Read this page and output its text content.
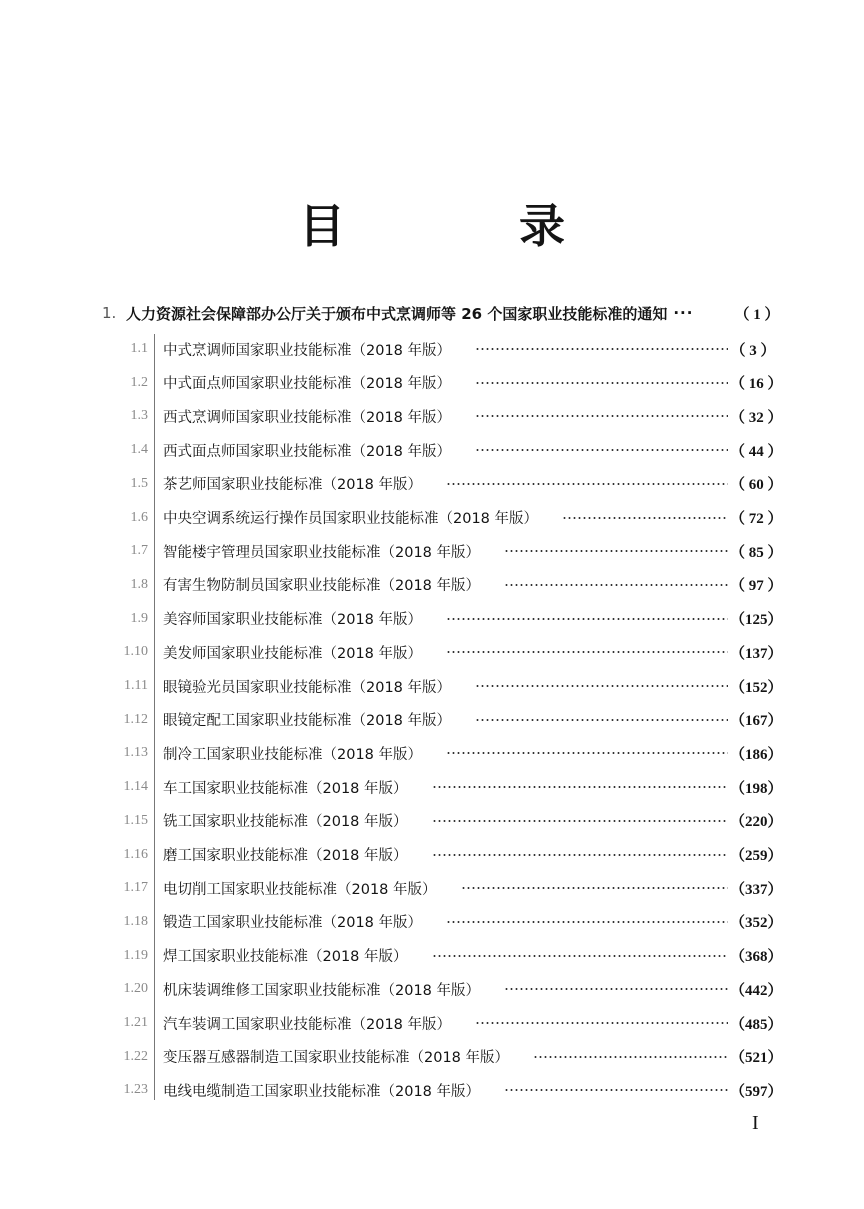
目　录
1. 人力资源社会保障部办公厅关于颁布中式烹调师等 26 个国家职业技能标准的通知 ···	（ 1 ）
1.1 中式烹调师国家职业技能标准（2018 年版）	（ 3 ）
1.2 中式面点师国家职业技能标准（2018 年版）	（ 16 ）
1.3 西式烹调师国家职业技能标准（2018 年版）	（ 32 ）
1.4 西式面点师国家职业技能标准（2018 年版）	（ 44 ）
1.5 茶艺师国家职业技能标准（2018 年版）	（ 60 ）
1.6 中央空调系统运行操作员国家职业技能标准（2018 年版）	（ 72 ）
1.7 智能楼宇管理员国家职业技能标准（2018 年版）	（ 85 ）
1.8 有害生物防制员国家职业技能标准（2018 年版）	（ 97 ）
1.9 美容师国家职业技能标准（2018 年版）	（125）
1.10 美发师国家职业技能标准（2018 年版）	（137）
1.11 眼镜验光员国家职业技能标准（2018 年版）	（152）
1.12 眼镜定配工国家职业技能标准（2018 年版）	（167）
1.13 制冷工国家职业技能标准（2018 年版）	（186）
1.14 车工国家职业技能标准（2018 年版）	（198）
1.15 铣工国家职业技能标准（2018 年版）	（220）
1.16 磨工国家职业技能标准（2018 年版）	（259）
1.17 电切削工国家职业技能标准（2018 年版）	（337）
1.18 锻造工国家职业技能标准（2018 年版）	（352）
1.19 焊工国家职业技能标准（2018 年版）	（368）
1.20 机床装调维修工国家职业技能标准（2018 年版）	（442）
1.21 汽车装调工国家职业技能标准（2018 年版）	（485）
1.22 变压器互感器制造工国家职业技能标准（2018 年版）	（521）
1.23 电线电缆制造工国家职业技能标准（2018 年版）	（597）
I
